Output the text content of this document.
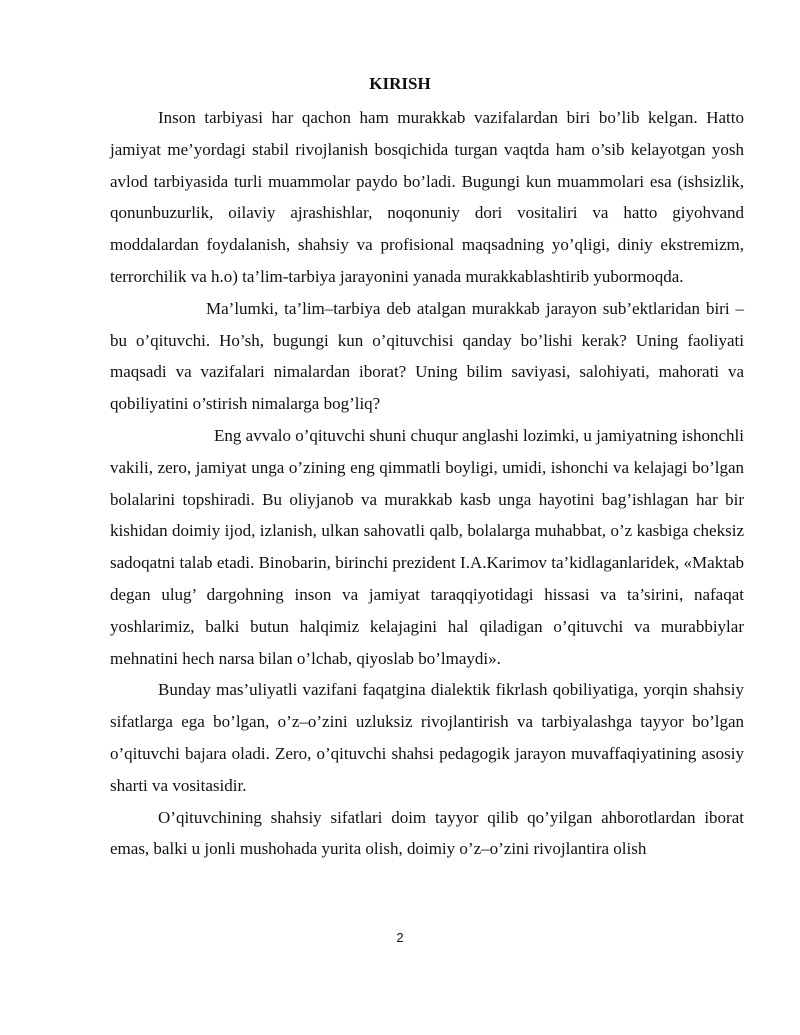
KIRISH

Inson tarbiyasi har qachon ham murakkab vazifalardan biri bo’lib kelgan. Hatto jamiyat me’yordagi stabil rivojlanish bosqichida turgan vaqtda ham o’sib kelayotgan yosh avlod tarbiyasida turli muammolar paydo bo’ladi. Bugungi kun muammolari esa (ishsizlik, qonunbuzurlik, oilaviy ajrashishlar, noqonuniy dori vositaliri va hatto giyohvand moddalardan foydalanish, shahsiy va profisional maqsadning yo’qligi, diniy ekstremizm, terrorchilik va h.o) ta’lim-tarbiya jarayonini yanada murakkablashtirib yubormoqda.

Ma’lumki, ta’lim–tarbiya deb atalgan murakkab jarayon sub’ektlaridan biri – bu o’qituvchi. Ho’sh, bugungi kun o’qituvchisi qanday bo’lishi kerak? Uning faoliyati maqsadi va vazifalari nimalardan iborat? Uning bilim saviyasi, salohiyati, mahorati va qobiliyatini o’stirish nimalarga bog’liq?

Eng avvalo o’qituvchi shuni chuqur anglashi lozimki, u jamiyatning ishonchli vakili, zero, jamiyat unga o’zining eng qimmatli boyligi, umidi, ishonchi va kelajagi bo’lgan bolalarini topshiradi. Bu oliyjanob va murakkab kasb unga hayotini bag’ishlagan har bir kishidan doimiy ijod, izlanish, ulkan sahovatli qalb, bolalarga muhabbat, o’z kasbiga cheksiz sadoqatni talab etadi. Binobarin, birinchi prezident I.A.Karimov ta’kidlaganlaridek, «Maktab degan ulug’ dargohning inson va jamiyat taraqqiyotidagi hissasi va ta’sirini, nafaqat yoshlarimiz, balki butun halqimiz kelajagini hal qiladigan o’qituvchi va murabbiylar mehnatini hech narsa bilan o’lchab, qiyoslab bo’lmaydi».

Bunday mas’uliyatli vazifani faqatgina dialektik fikrlash qobiliyatiga, yorqin shahsiy sifatlarga ega bo’lgan, o’z–o’zini uzluksiz rivojlantirish va tarbiyalashga tayyor bo’lgan o’qituvchi bajara oladi. Zero, o’qituvchi shahsi pedagogik jarayon muvaffaqiyatining asosiy sharti va vositasidir.

O’qituvchining shahsiy sifatlari doim tayyor qilib qo’yilgan ahborotlardan iborat emas, balki u jonli mushohada yurita olish, doimiy o’z–o’zini rivojlantira olish

2
